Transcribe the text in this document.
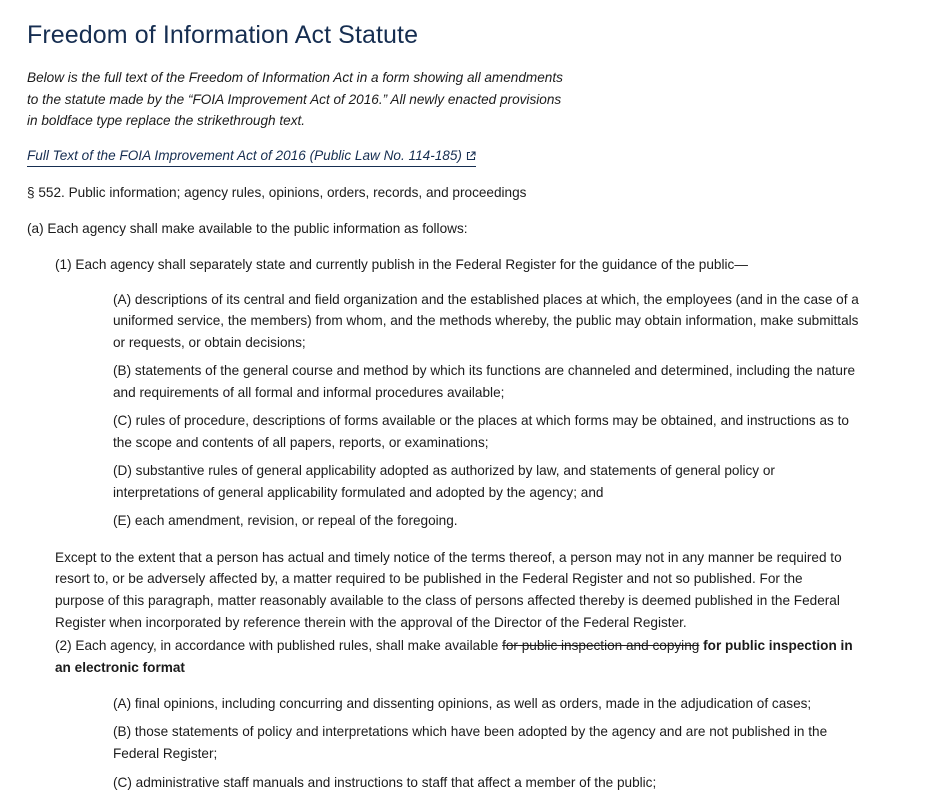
Freedom of Information Act Statute

Below is the full text of the Freedom of Information Act in a form showing all amendments to the statute made by the “FOIA Improvement Act of 2016.” All newly enacted provisions in boldface type replace the strikethrough text.

Full Text of the FOIA Improvement Act of 2016 (Public Law No. 114-185)

§ 552. Public information; agency rules, opinions, orders, records, and proceedings

(a) Each agency shall make available to the public information as follows:

(1) Each agency shall separately state and currently publish in the Federal Register for the guidance of the public—

(A) descriptions of its central and field organization and the established places at which, the employees (and in the case of a uniformed service, the members) from whom, and the methods whereby, the public may obtain information, make submittals or requests, or obtain decisions;

(B) statements of the general course and method by which its functions are channeled and determined, including the nature and requirements of all formal and informal procedures available;

(C) rules of procedure, descriptions of forms available or the places at which forms may be obtained, and instructions as to the scope and contents of all papers, reports, or examinations;

(D) substantive rules of general applicability adopted as authorized by law, and statements of general policy or interpretations of general applicability formulated and adopted by the agency; and

(E) each amendment, revision, or repeal of the foregoing.

Except to the extent that a person has actual and timely notice of the terms thereof, a person may not in any manner be required to resort to, or be adversely affected by, a matter required to be published in the Federal Register and not so published. For the purpose of this paragraph, matter reasonably available to the class of persons affected thereby is deemed published in the Federal Register when incorporated by reference therein with the approval of the Director of the Federal Register.

(2) Each agency, in accordance with published rules, shall make available for public inspection and copying for public inspection in an electronic format

(A) final opinions, including concurring and dissenting opinions, as well as orders, made in the adjudication of cases;

(B) those statements of policy and interpretations which have been adopted by the agency and are not published in the Federal Register;

(C) administrative staff manuals and instructions to staff that affect a member of the public;
